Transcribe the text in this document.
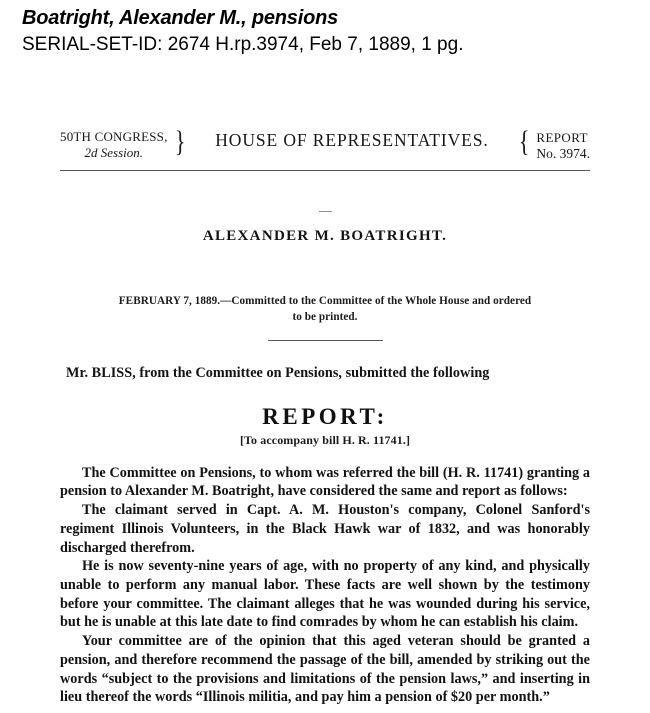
Boatright, Alexander M., pensions
SERIAL-SET-ID: 2674 H.rp.3974, Feb 7, 1889, 1 pg.
50TH CONGRESS,
2d Session.	}	HOUSE OF REPRESENTATIVES.	{ REPORT
No. 3974.
ALEXANDER M. BOATRIGHT.
FEBRUARY 7, 1889.—Committed to the Committee of the Whole House and ordered
to be printed.
Mr. BLISS, from the Committee on Pensions, submitted the following
REPORT:
[To accompany bill H. R. 11741.]

The Committee on Pensions, to whom was referred the bill (H. R. 11741) granting a pension to Alexander M. Boatright, have considered the same and report as follows:

The claimant served in Capt. A. M. Houston's company, Colonel Sanford's regiment Illinois Volunteers, in the Black Hawk war of 1832, and was honorably discharged therefrom.

He is now seventy-nine years of age, with no property of any kind, and physically unable to perform any manual labor. These facts are well shown by the testimony before your committee. The claimant alleges that he was wounded during his service, but he is unable at this late date to find comrades by whom he can establish his claim.

Your committee are of the opinion that this aged veteran should be granted a pension, and therefore recommend the passage of the bill, amended by striking out the words “subject to the provisions and limitations of the pension laws,” and inserting in lieu thereof the words “Illinois militia, and pay him a pension of $20 per month.”
